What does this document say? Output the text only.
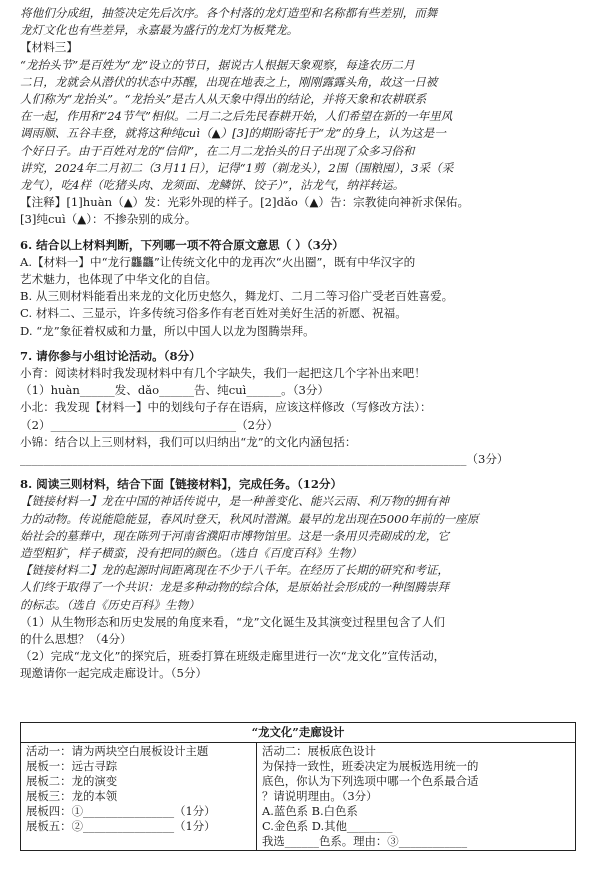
将他们分成组，抽签决定先后次序。各个村落的龙灯造型和名称都有些差别，而舞
龙灯文化也有些差异，永嘉最为盛行的龙灯为板凳龙。
【材料三】
“龙抬头节”是百姓为“龙”设立的节日，据说古人根据天象观察，每逢农历二月
二日，龙就会从潜伏的状态中苏醒，出现在地表之上，刚刚露露头角，故这一日被
人们称为“龙抬头”。“龙抬头”是古人从天象中得出的结论，并将天象和农耕联系
在一起，作用和“24节气”相似。二月二之后先民春耕开始，人们希望在新的一年里风
调雨顺、五谷丰登，就将这种纯cuì（▲）[3]的期盼寄托于“龙”的身上，认为这是一
个好日子。由于百姓对龙的“信仰”，在二月二龙抬头的日子出现了众多习俗和
讲究，2024年二月初二（3月11日），记得“1剪（剃龙头），2围（围粮囤），3采（采
龙气），吃4样（吃猪头肉、龙须面、龙鳞饼、饺子）”，沾龙气，纳祥转运。
【注释】[1]huàn（▲）发：光彩外现的样子。[2]dǎo（▲）告：宗教徒向神祈求保佑。
[3]纯cuì（▲）：不掺杂别的成分。
6. 结合以上材料判断，下列哪一项不符合原文意思（ ）（3分）
A.【材料一】中“龙行龘龘”让传统文化中的龙再次“火出圈”，既有中华汉字的
艺术魅力，也体现了中华文化的自信。
B. 从三则材料能看出来龙的文化历史悠久，舞龙灯、二月二等习俗广受老百姓喜爱。
C. 材料二、三显示，许多传统习俗多作有老百姓对美好生活的祈愿、祝福。
D. “龙”象征着权威和力量，所以中国人以龙为图腾崇拜。
7. 请你参与小组讨论活动。（8分）
小育：阅读材料时我发现材料中有几个字缺失，我们一起把这几个字补出来吧！
（1）huàn______发、dǎo______告、纯cuì______。（3分）
小北：我发现【材料一】中的划线句子存在语病，应该这样修改（写修改方法）：
（2）________________________________（2分）
小锦：结合以上三则材料，我们可以归纳出“龙”的文化内涵包括：
_____________________________________________________________________________（3分）
8. 阅读三则材料，结合下面【链接材料】，完成任务。（12分）
【链接材料一】龙在中国的神话传说中，是一种善变化、能兴云雨、利万物的拥有神
力的动物。传说能隐能显，春风时登天，秋风时潜渊。最早的龙出现在5000年前的一座原
始社会的墓葬中，现在陈列于河南省濮阳市博物馆里。这是一条用贝壳砌成的龙，它
造型粗犷，样子横蛮，没有把同的颜色。（选自《百度百科》生物）
【链接材料二】龙的起源时间距离现在不少于八千年。在经历了长期的研究和考证，
人们终于取得了一个共识：龙是多种动物的综合体，是原始社会形成的一种图腾崇拜
的标志。（选自《历史百科》生物）
（1）从生物形态和历史发展的角度来看，“龙”文化诞生及其演变过程里包含了人们
的什么思想？（4分）
（2）完成“龙文化”的探究后，班委打算在班级走廊里进行一次“龙文化”宣传活动，
现邀请你一起完成走廊设计。（5分）
“龙文化”走廊设计

活动一：请为两块空白展板设计主题
展板一：远古寻踪
展板二：龙的演变
展板三：龙的本领
展板四：①________________（1分）
展板五：②________________（1分）

活动二：展板底色设计
为保持一致性，班委决定为展板选用统一的
底色，你认为下列选项中哪一个色系最合适
？请说明理由。（3分）
A.蓝色系 B.白色系
C.金色系 D.其他________
我选______色系。理由：③____________
